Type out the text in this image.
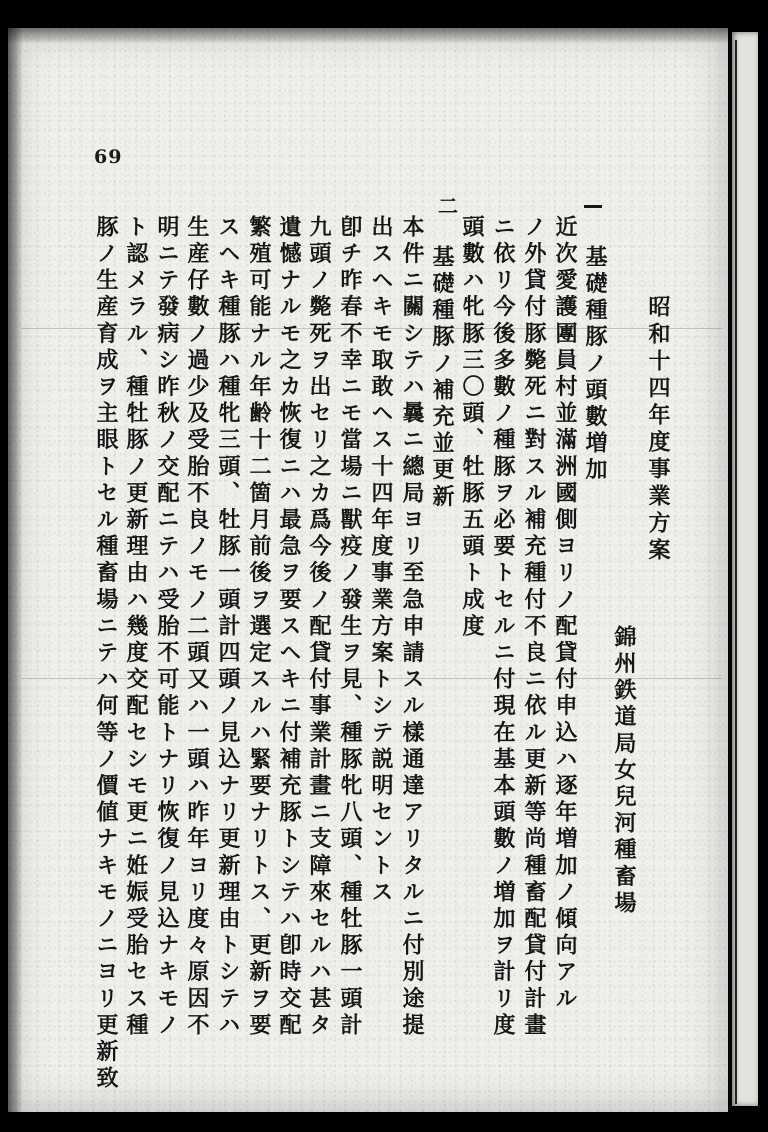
69
二
昭和十四年度事業方案
錦州鉄道局女兒河種畜場
基礎種豚ノ頭數増加
近次愛護團員村並滿洲國側ヨリノ配貸付申込ハ逐年増加ノ傾向アル
ノ外貸付豚斃死ニ對スル補充種付不良ニ依ル更新等尚種畜配貸付計畫
ニ依リ今後多數ノ種豚ヲ必要トセルニ付現在基本頭數ノ増加ヲ計リ度
頭數ハ牝豚三〇頭、牡豚五頭ト成度
基礎種豚ノ補充並更新
本件ニ關シテハ曩ニ總局ヨリ至急申請スル樣通達アリタルニ付別途提
出スヘキモ取敢ヘス十四年度事業方案トシテ説明セントス
卽チ昨春不幸ニモ當場ニ獸疫ノ發生ヲ見、種豚牝八頭、種牡豚一頭計
九頭ノ斃死ヲ出セリ之カ爲今後ノ配貸付事業計畫ニ支障來セルハ甚タ
遺憾ナルモ之カ恢復ニハ最急ヲ要スヘキニ付補充豚トシテハ卽時交配
繁殖可能ナル年齢十二箇月前後ヲ選定スルハ緊要ナリトス、更新ヲ要
スヘキ種豚ハ種牝三頭、牡豚一頭計四頭ノ見込ナリ更新理由トシテハ
生産仔數ノ過少及受胎不良ノモノ二頭又ハ一頭ハ昨年ヨリ度々原因不
明ニテ發病シ昨秋ノ交配ニテハ受胎不可能トナリ恢復ノ見込ナキモノ
ト認メラル、種牡豚ノ更新理由ハ幾度交配セシモ更ニ姙娠受胎セス種
豚ノ生産育成ヲ主眼トセル種畜場ニテハ何等ノ價値ナキモノニヨリ更新致
